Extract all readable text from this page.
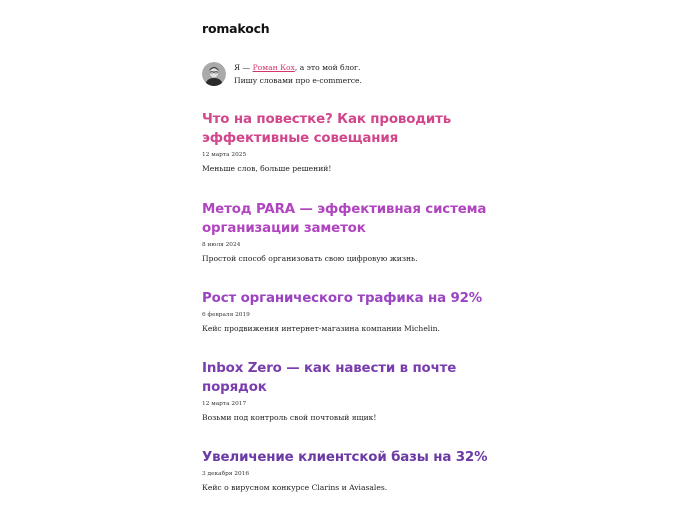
romakoch
Я — Роман Кох, а это мой блог.
Пишу словами про e-commerce.
Что на повестке? Как проводить эффективные совещания
12 марта 2025
Меньше слов, больше решений!
Метод PARA — эффективная система организации заметок
8 июля 2024
Простой способ организовать свою цифровую жизнь.
Рост органического трафика на 92%
6 февраля 2019
Кейс продвижения интернет-магазина компании Michelin.
Inbox Zero — как навести в почте порядок
12 марта 2017
Возьми под контроль свой почтовый ящик!
Увеличение клиентской базы на 32%
3 декабря 2016
Кейс о вирусном конкурсе Clarins и Aviasales.
